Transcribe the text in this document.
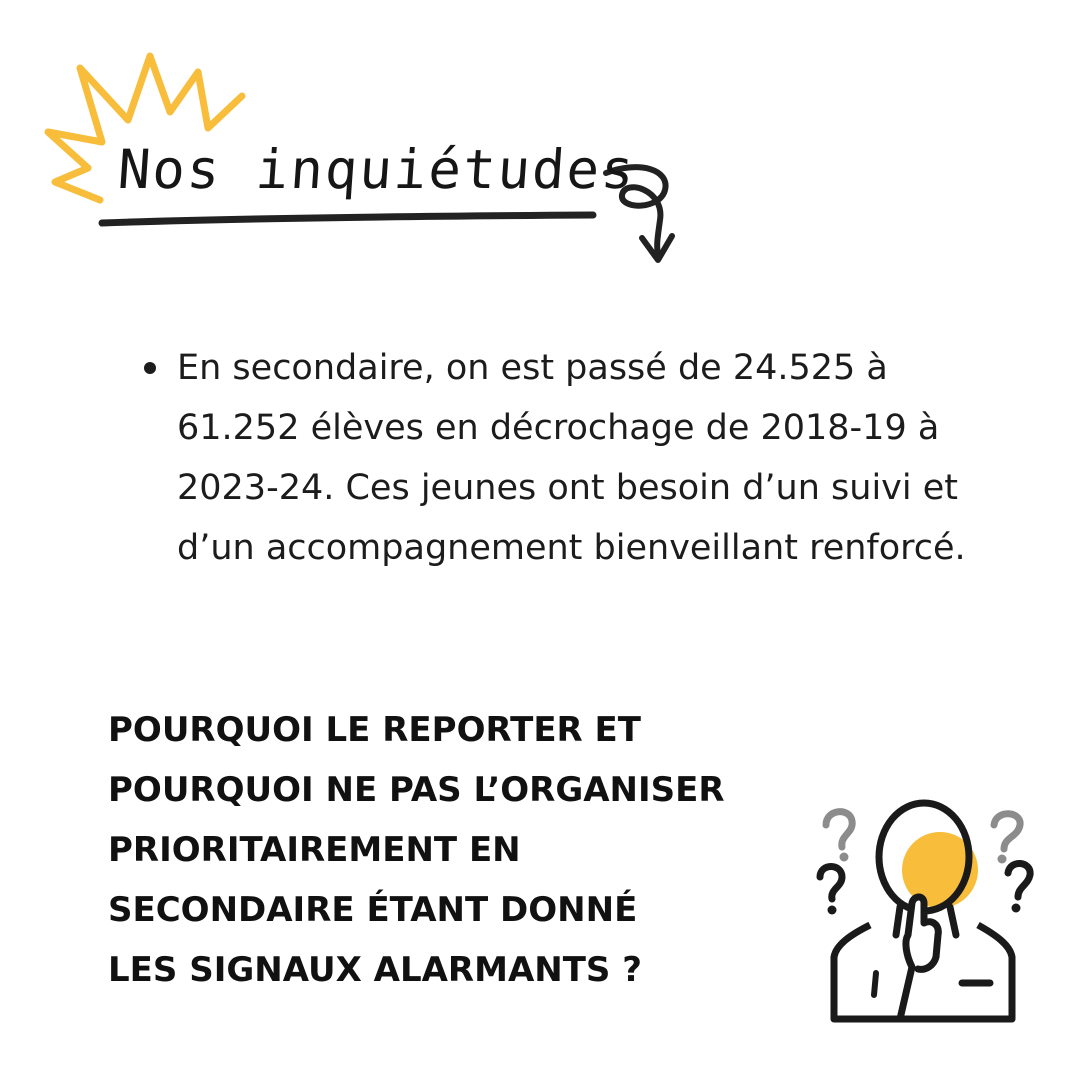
Nos inquiétudes
En secondaire, on est passé de 24.525 à 61.252 élèves en décrochage de 2018-19 à 2023-24. Ces jeunes ont besoin d’un suivi et d’un accompagnement bienveillant renforcé.
POURQUOI LE REPORTER ET
POURQUOI NE PAS L’ORGANISER
PRIORITAIREMENT EN
SECONDAIRE ÉTANT DONNÉ
LES SIGNAUX ALARMANTS ?
